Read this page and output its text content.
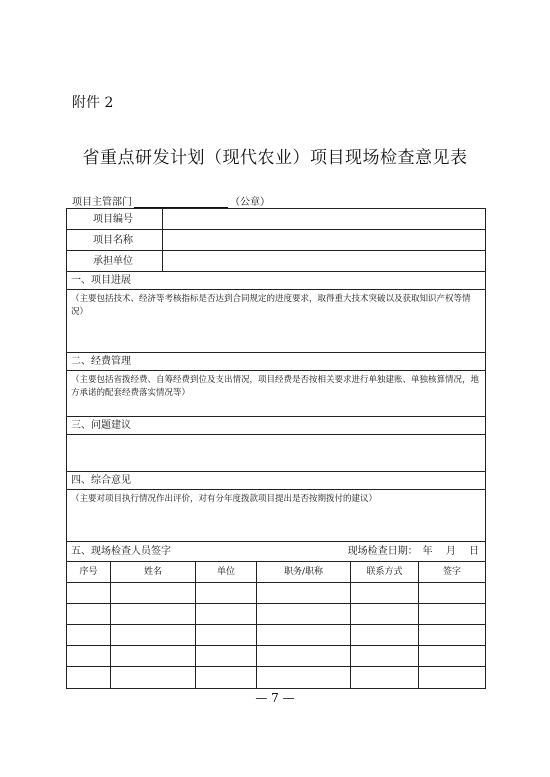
附件 2
省重点研发计划（现代农业）项目现场检查意见表
项目主管部门	（公章）
项目编号
项目名称
承担单位
一、项目进展
（主要包括技术、经济等考核指标是否达到合同规定的进度要求，取得重大技术突破以及获取知识产权等情况）
二、经费管理
（主要包括省拨经费、自筹经费到位及支出情况，项目经费是否按相关要求进行单独建账、单独核算情况，地方承诺的配套经费落实情况等）
三、问题建议
四、综合意见
（主要对项目执行情况作出评价，对有分年度拨款项目提出是否按期拨付的建议）
五、现场检查人员签字	现场检查日期：　年　 月　 日
序号	姓名	单位	职务/职称	联系方式	签字
— 7 —
